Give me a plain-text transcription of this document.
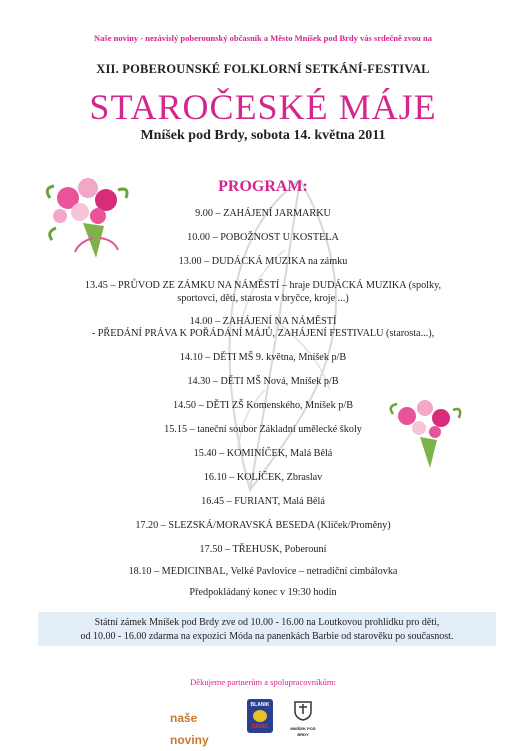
Naše noviny - nezávislý poberounský občasník a Město Mníšek pod Brdy vás srdečně zvou na
XII. POBEROUNSKÉ FOLKLORNÍ SETKÁNÍ-FESTIVAL
STAROČESKÉ MÁJE
Mníšek pod Brdy, sobota 14. května 2011
PROGRAM:
9.00 – ZAHÁJENÍ JARMARKU
10.00 – POBOŽNOST U KOSTELA
13.00 – DUDÁCKÁ MUZIKA na zámku
13.45 – PRŮVOD ZE ZÁMKU NA NÁMĚSTÍ – hraje DUDÁCKÁ MUZIKA (spolky,
sportovci, děti, starosta v bryčce, kroje ...)
14.00 – ZAHÁJENÍ NA NÁMĚSTÍ
- PŘEDÁNÍ PRÁVA K POŘÁDÁNÍ MÁJŮ, ZAHÁJENÍ FESTIVALU (starosta...),
14.10 – DĚTI MŠ 9. května, Mníšek p/B
14.30 – DĚTI MŠ Nová, Mníšek p/B
14.50 – DĚTI ZŠ Komenského, Mníšek p/B
15.15 – taneční soubor Základní umělecké školy
15.40 – KOMINÍČEK, Malá Bělá
16.10 – KOLÍČEK, Zbraslav
16.45 – FURIANT, Malá Bělá
17.20 – SLEZSKÁ/MORAVSKÁ BESEDA (Klíček/Proměny)
17.50 – TŘEHUSK, Poberouní
18.10 – MEDICINBAL, Velké Pavlovice – netradiční cimbálovka
Předpokládaný konec v 19:30 hodin
Státní zámek Mníšek pod Brdy zve od 10.00 - 16.00 na Loutkovou prohlídku pro děti,
od 10.00 - 16.00 zdarma na expozici Móda na panenkách Barbie od starověku po současnost.
Děkujeme partnerům a spolupracovníkům:
naše noviny
BLANIK
RÁDIO	MNÍŠEK POD BRDY
